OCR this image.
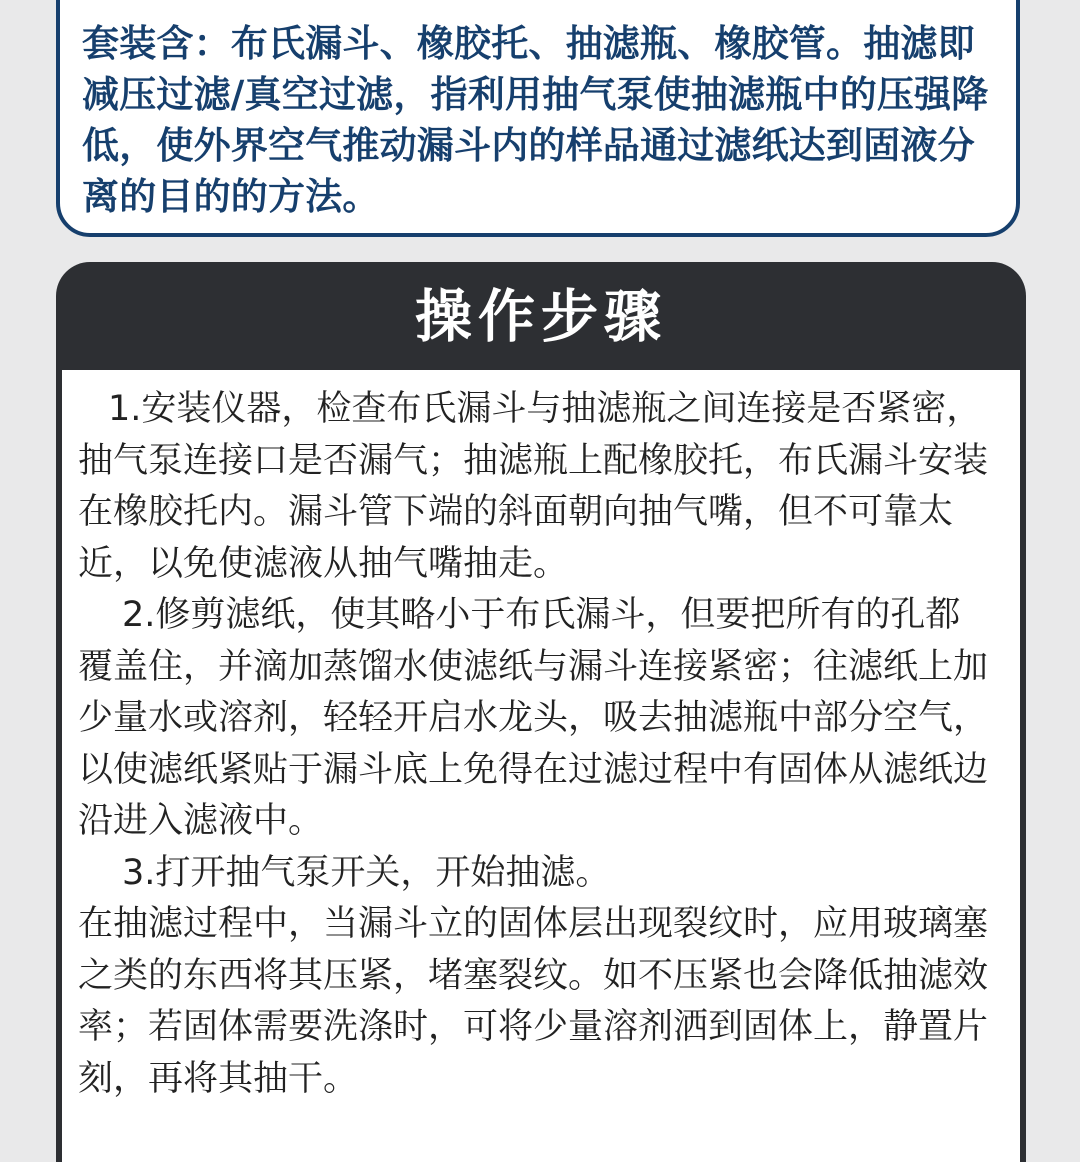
套装含：布氏漏斗、橡胶托、抽滤瓶、橡胶管。抽滤即减压过滤/真空过滤，指利用抽气泵使抽滤瓶中的压强降低，使外界空气推动漏斗内的样品通过滤纸达到固液分离的目的的方法。

操作步骤

1.安装仪器，检查布氏漏斗与抽滤瓶之间连接是否紧密，抽气泵连接口是否漏气；抽滤瓶上配橡胶托，布氏漏斗安装在橡胶托内。漏斗管下端的斜面朝向抽气嘴，但不可靠太近，以免使滤液从抽气嘴抽走。

2.修剪滤纸，使其略小于布氏漏斗，但要把所有的孔都覆盖住，并滴加蒸馏水使滤纸与漏斗连接紧密；往滤纸上加少量水或溶剂，轻轻开启水龙头，吸去抽滤瓶中部分空气，以使滤纸紧贴于漏斗底上免得在过滤过程中有固体从滤纸边沿进入滤液中。

3.打开抽气泵开关，开始抽滤。

在抽滤过程中，当漏斗立的固体层出现裂纹时，应用玻璃塞之类的东西将其压紧，堵塞裂纹。如不压紧也会降低抽滤效率；若固体需要洗涤时，可将少量溶剂洒到固体上，静置片刻，再将其抽干。
